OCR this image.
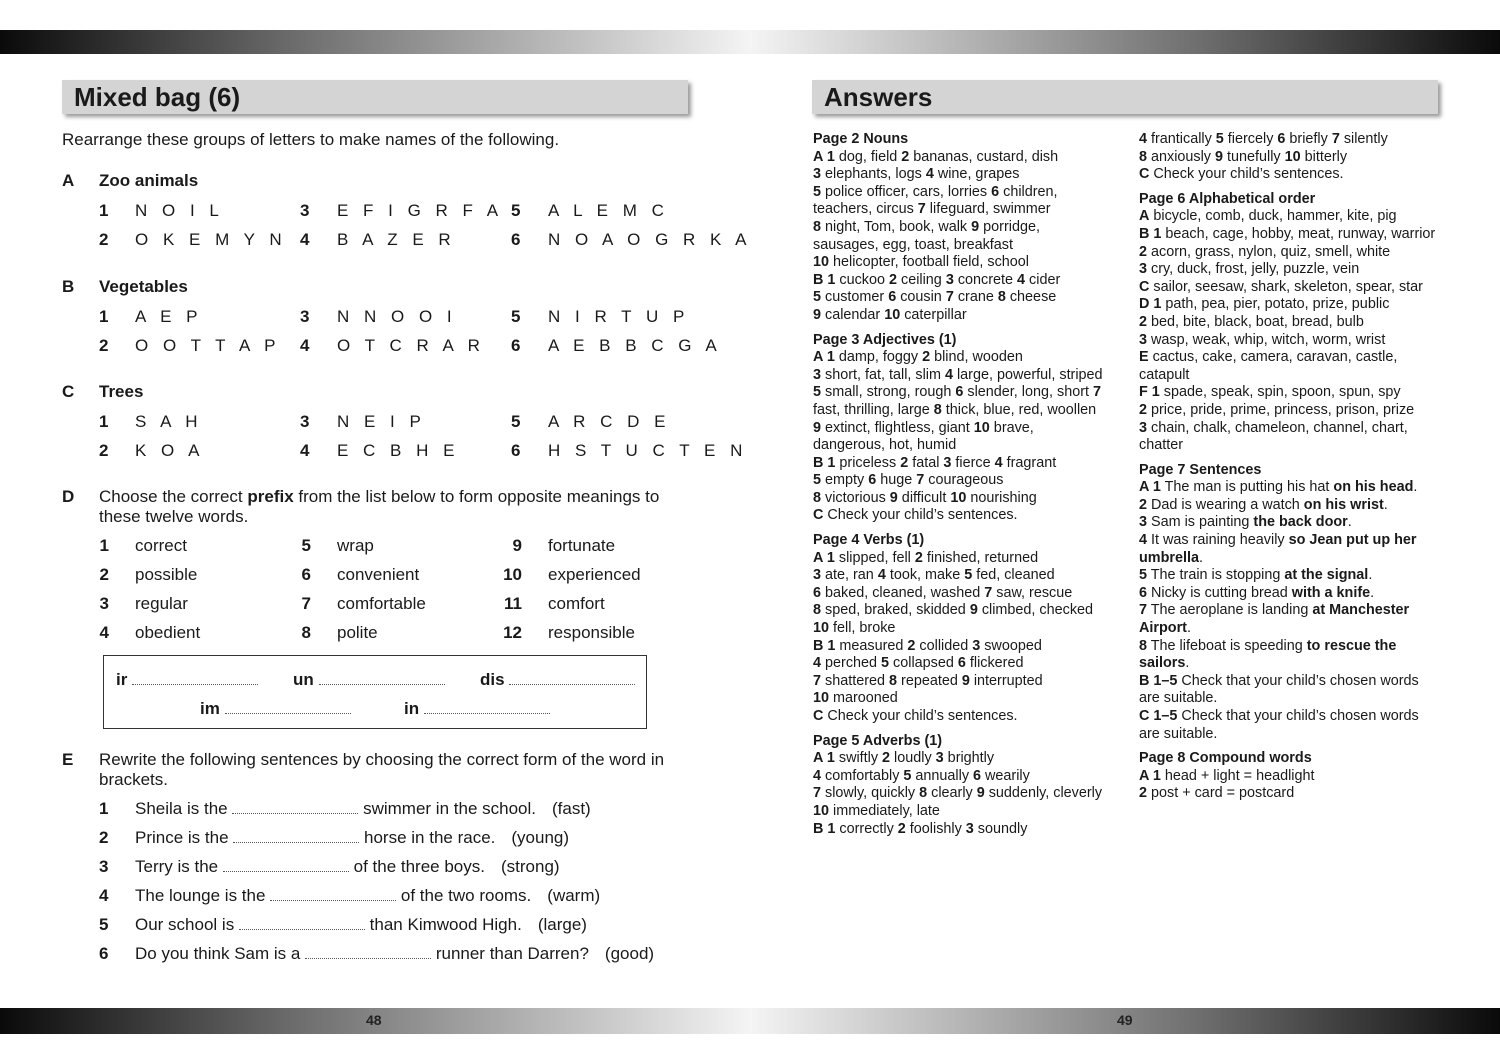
Mixed bag (6)
Rearrange these groups of letters to make names of the following.
A Zoo animals
1 N O I L	3 E F I G R F A 5 A L E M C
2 O K E M Y N 4 B A Z E R	6 N O A O G R K A
B Vegetables
1 A E P	3 N N O O I	5 N I R T U P
2 O O T T A P 4 O T C R A R 6 A E B B C G A
C Trees
1 S A H	3 N E I P	5 A R C D E
2 K O A	4 E C B H E	6 H S T U C T E N
D Choose the correct prefix from the list below to form opposite meanings to these twelve words.
1 correct	5 wrap	9 fortunate
2 possible	6 convenient	10 experienced
3 regular	7 comfortable	11 comfort
4 obedient	8 polite	12 responsible
ir	un	dis
im	in
E Rewrite the following sentences by choosing the correct form of the word in brackets.
1 Sheila is the	swimmer in the school. (fast)
2 Prince is the	horse in the race. (young)
3 Terry is the	of the three boys. (strong)
4 The lounge is the	of the two rooms. (warm)
5 Our school is	than Kimwood High. (large)
6 Do you think Sam is a	runner than Darren? (good)
48
Answers

Page 2 Nouns
A 1 dog, field 2 bananas, custard, dish
3 elephants, logs 4 wine, grapes
5 police officer, cars, lorries 6 children, teachers, circus 7 lifeguard, swimmer
8 night, Tom, book, walk 9 porridge, sausages, egg, toast, breakfast
10 helicopter, football field, school
B 1 cuckoo 2 ceiling 3 concrete 4 cider
5 customer 6 cousin 7 crane 8 cheese
9 calendar 10 caterpillar

Page 3 Adjectives (1)
A 1 damp, foggy 2 blind, wooden
3 short, fat, tall, slim 4 large, powerful, striped 5 small, strong, rough 6 slender, long, short 7 fast, thrilling, large 8 thick, blue, red, woollen 9 extinct, flightless, giant 10 brave, dangerous, hot, humid
B 1 priceless 2 fatal 3 fierce 4 fragrant
5 empty 6 huge 7 courageous
8 victorious 9 difficult 10 nourishing
C Check your child’s sentences.

Page 4 Verbs (1)
A 1 slipped, fell 2 finished, returned
3 ate, ran 4 took, make 5 fed, cleaned
6 baked, cleaned, washed 7 saw, rescue
8 sped, braked, skidded 9 climbed, checked 10 fell, broke
B 1 measured 2 collided 3 swooped
4 perched 5 collapsed 6 flickered
7 shattered 8 repeated 9 interrupted
10 marooned
C Check your child’s sentences.

Page 5 Adverbs (1)
A 1 swiftly 2 loudly 3 brightly
4 comfortably 5 annually 6 wearily
7 slowly, quickly 8 clearly 9 suddenly, cleverly 10 immediately, late
B 1 correctly 2 foolishly 3 soundly

4 frantically 5 fiercely 6 briefly 7 silently
8 anxiously 9 tunefully 10 bitterly
C Check your child’s sentences.

Page 6 Alphabetical order
A bicycle, comb, duck, hammer, kite, pig
B 1 beach, cage, hobby, meat, runway, warrior
2 acorn, grass, nylon, quiz, smell, white
3 cry, duck, frost, jelly, puzzle, vein
C sailor, seesaw, shark, skeleton, spear, star
D 1 path, pea, pier, potato, prize, public
2 bed, bite, black, boat, bread, bulb
3 wasp, weak, whip, witch, worm, wrist
E cactus, cake, camera, caravan, castle, catapult
F 1 spade, speak, spin, spoon, spun, spy
2 price, pride, prime, princess, prison, prize
3 chain, chalk, chameleon, channel, chart, chatter

Page 7 Sentences
A 1 The man is putting his hat on his head.
2 Dad is wearing a watch on his wrist.
3 Sam is painting the back door.
4 It was raining heavily so Jean put up her umbrella.
5 The train is stopping at the signal.
6 Nicky is cutting bread with a knife.
7 The aeroplane is landing at Manchester Airport.
8 The lifeboat is speeding to rescue the sailors.
B 1–5 Check that your child’s chosen words are suitable.
C 1–5 Check that your child’s chosen words are suitable.

Page 8 Compound words
A 1 head + light = headlight
2 post + card = postcard

49
